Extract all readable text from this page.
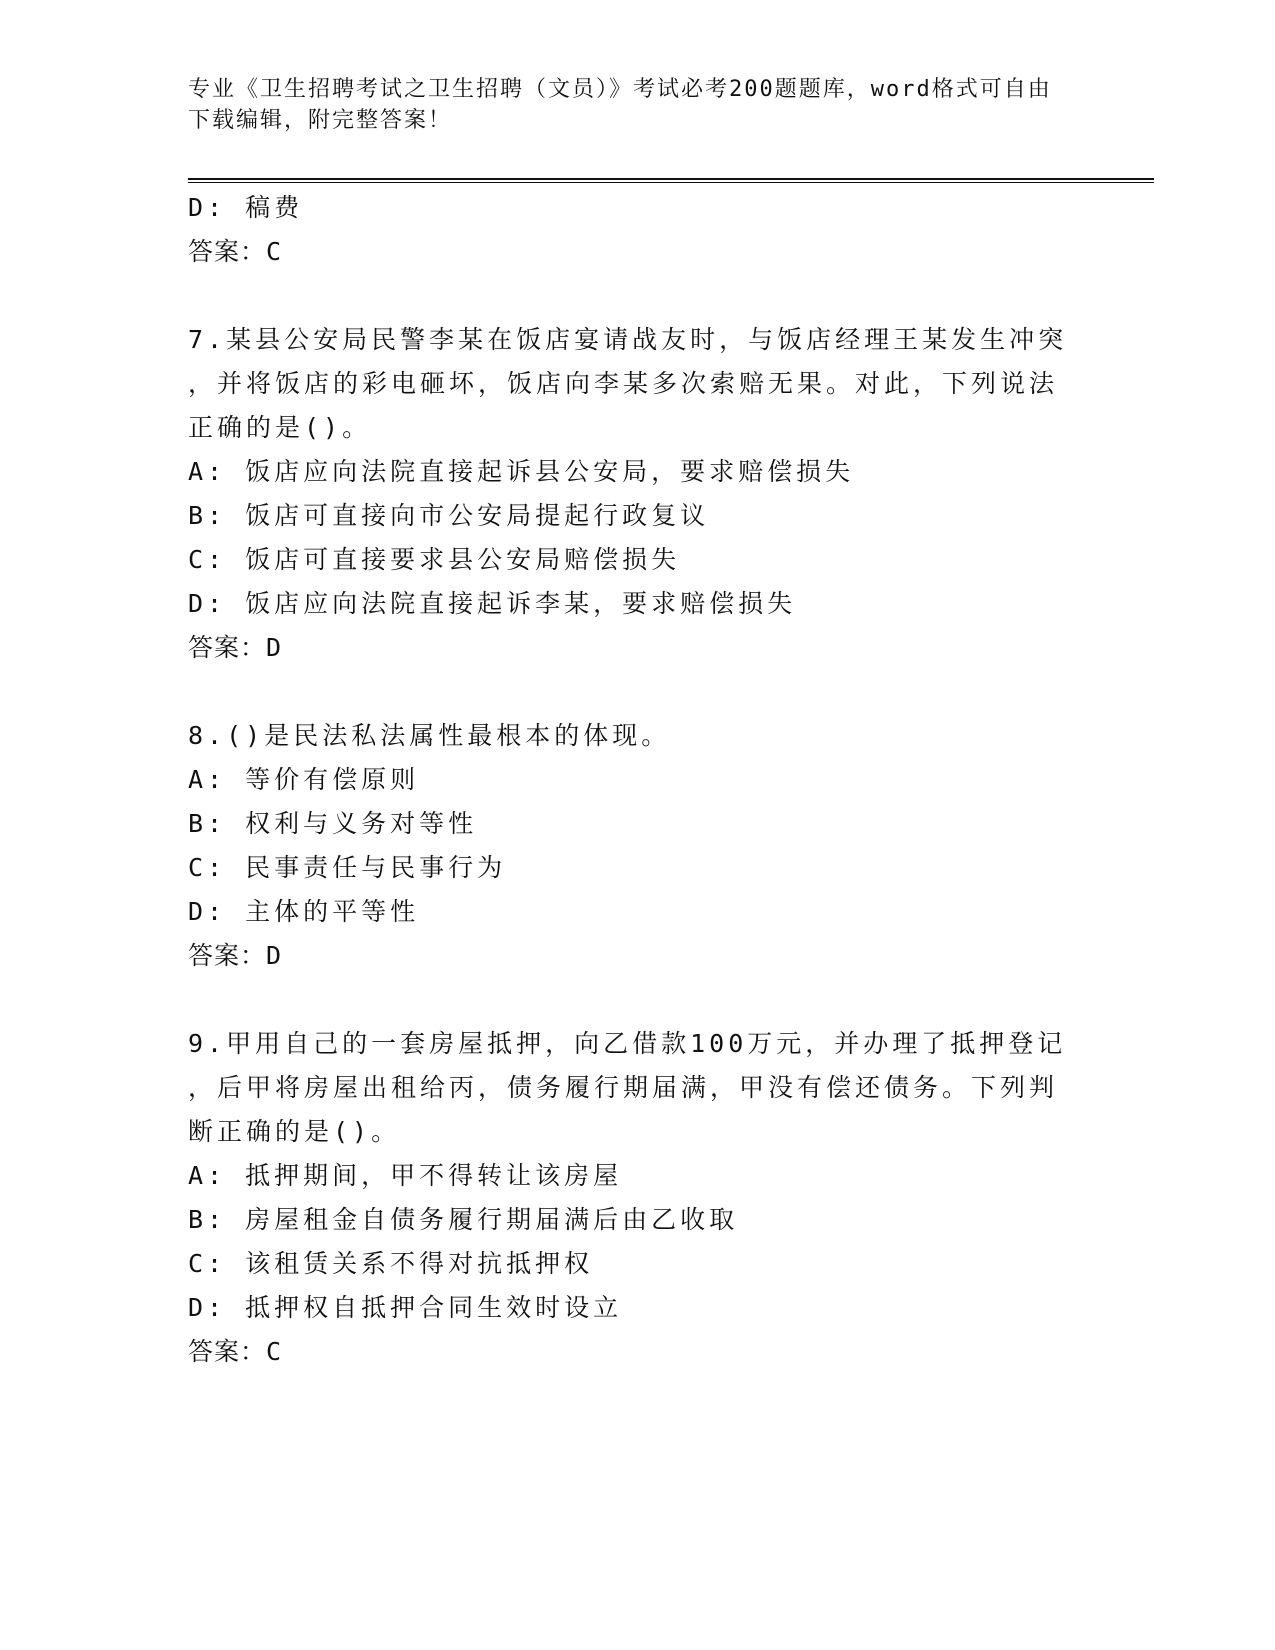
专业《卫生招聘考试之卫生招聘（文员）》考试必考200题题库，word格式可自由下载编辑，附完整答案！
D: 稿费
答案：C
7.某县公安局民警李某在饭店宴请战友时，与饭店经理王某发生冲突
，并将饭店的彩电砸坏，饭店向李某多次索赔无果。对此，下列说法
正确的是()。
A: 饭店应向法院直接起诉县公安局，要求赔偿损失
B: 饭店可直接向市公安局提起行政复议
C: 饭店可直接要求县公安局赔偿损失
D: 饭店应向法院直接起诉李某，要求赔偿损失
答案：D
8.()是民法私法属性最根本的体现。
A: 等价有偿原则
B: 权利与义务对等性
C: 民事责任与民事行为
D: 主体的平等性
答案：D
9.甲用自己的一套房屋抵押，向乙借款100万元，并办理了抵押登记
，后甲将房屋出租给丙，债务履行期届满，甲没有偿还债务。下列判
断正确的是()。
A: 抵押期间，甲不得转让该房屋
B: 房屋租金自债务履行期届满后由乙收取
C: 该租赁关系不得对抗抵押权
D: 抵押权自抵押合同生效时设立
答案：C
